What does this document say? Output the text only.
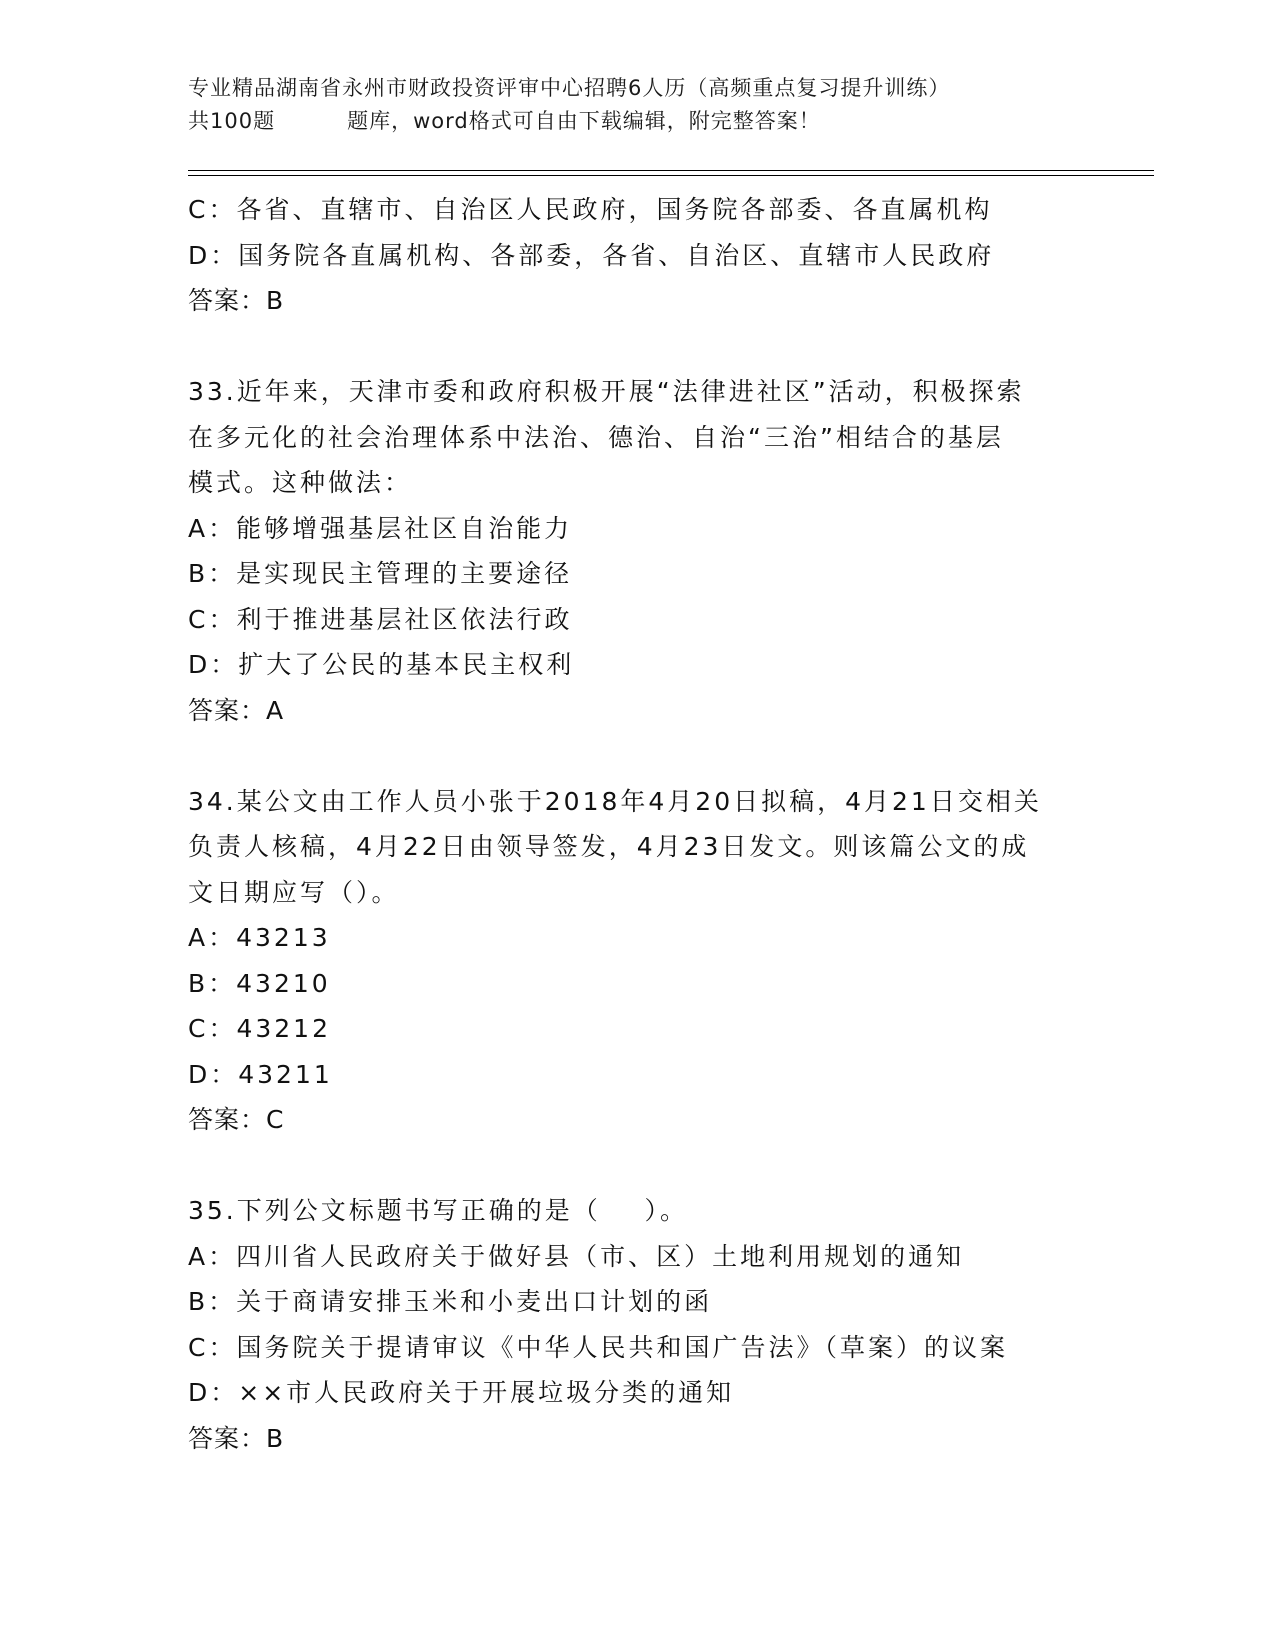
专业精品湖南省永州市财政投资评审中心招聘6人历（高频重点复习提升训练）
共100题	题库，word格式可自由下载编辑，附完整答案！
C：各省、直辖市、自治区人民政府，国务院各部委、各直属机构
D：国务院各直属机构、各部委，各省、自治区、直辖市人民政府
答案：B
33.近年来，天津市委和政府积极开展“法律进社区”活动，积极探索
在多元化的社会治理体系中法治、德治、自治“三治”相结合的基层
模式。这种做法：
A：能够增强基层社区自治能力
B：是实现民主管理的主要途径
C：利于推进基层社区依法行政
D：扩大了公民的基本民主权利
答案：A
34.某公文由工作人员小张于2018年4月20日拟稿，4月21日交相关
负责人核稿，4月22日由领导签发，4月23日发文。则该篇公文的成
文日期应写（）。
A：43213
B：43210
C：43212
D：43211
答案：C
35.下列公文标题书写正确的是（    ）。
A：四川省人民政府关于做好县（市、区）土地利用规划的通知
B：关于商请安排玉米和小麦出口计划的函
C：国务院关于提请审议《中华人民共和国广告法》（草案）的议案
D：××市人民政府关于开展垃圾分类的通知
答案：B
